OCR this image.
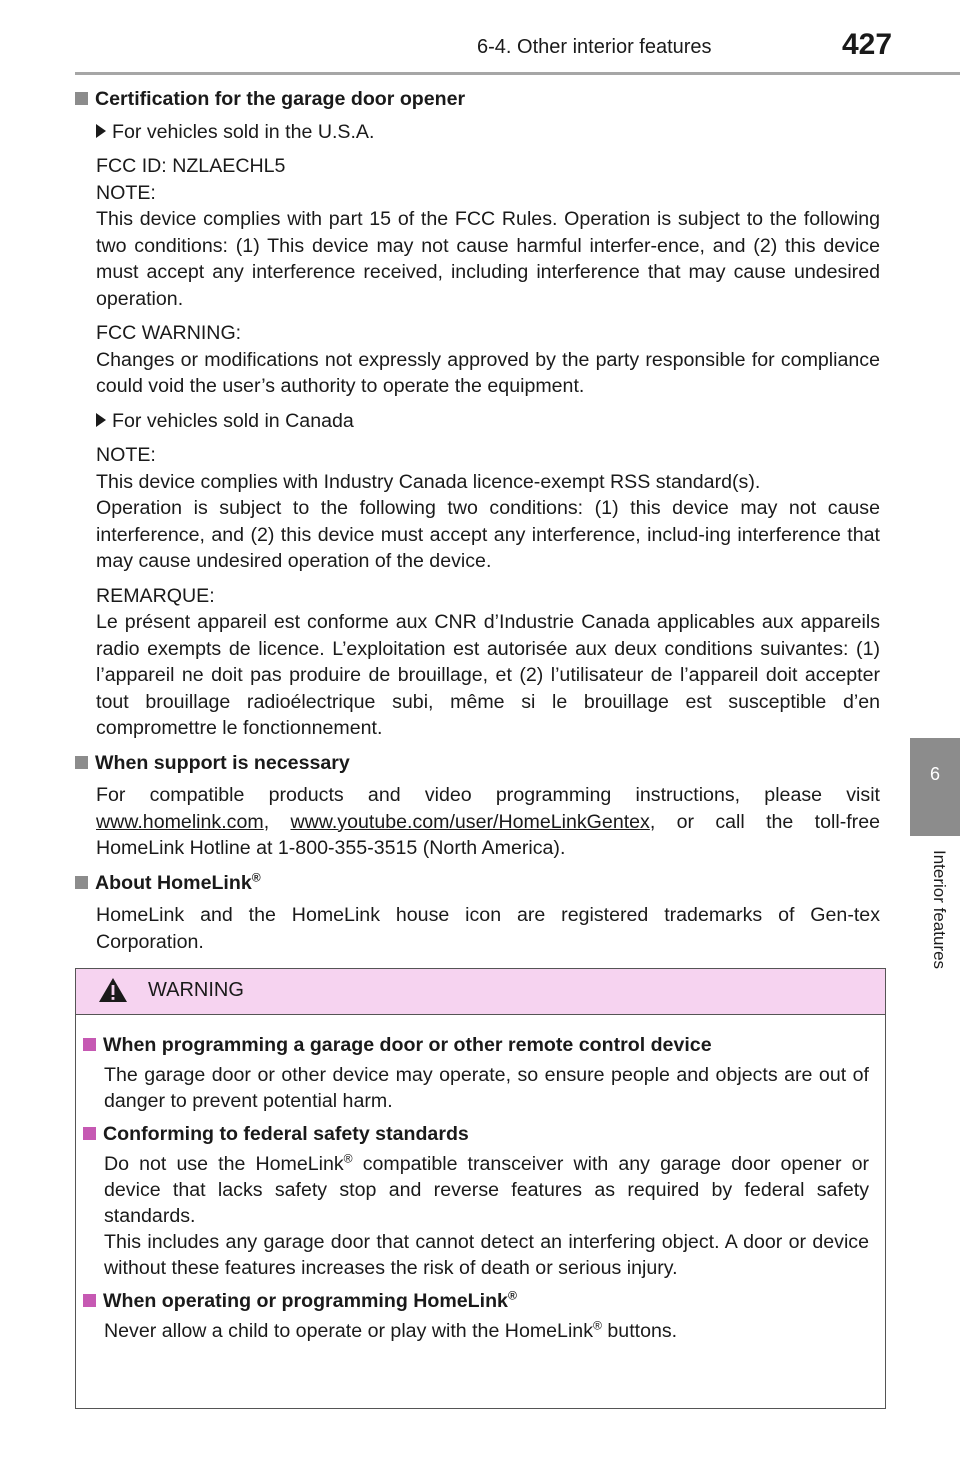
6-4. Other interior features	427
6
Interior features
Certification for the garage door opener
For vehicles sold in the U.S.A.
FCC ID: NZLAECHL5
NOTE:
This device complies with part 15 of the FCC Rules. Operation is subject to the following two conditions: (1) This device may not cause harmful interfer-ence, and (2) this device must accept any interference received, including interference that may cause undesired operation.
FCC WARNING:
Changes or modifications not expressly approved by the party responsible for compliance could void the user’s authority to operate the equipment.
For vehicles sold in Canada
NOTE:
This device complies with Industry Canada licence-exempt RSS standard(s).
Operation is subject to the following two conditions: (1) this device may not cause interference, and (2) this device must accept any interference, includ-ing interference that may cause undesired operation of the device.
REMARQUE:
Le présent appareil est conforme aux CNR d’Industrie Canada applicables aux appareils radio exempts de licence. L’exploitation est autorisée aux deux conditions suivantes: (1) l’appareil ne doit pas produire de brouillage, et (2) l’utilisateur de l’appareil doit accepter tout brouillage radioélectrique subi, même si le brouillage est susceptible d’en compromettre le fonctionnement.
When support is necessary
For compatible products and video programming instructions, please visit www.homelink.com, www.youtube.com/user/HomeLinkGentex, or call the toll-free HomeLink Hotline at 1-800-355-3515 (North America).
About HomeLink®
HomeLink and the HomeLink house icon are registered trademarks of Gen-tex Corporation.
WARNING
When programming a garage door or other remote control device
The garage door or other device may operate, so ensure people and objects are out of danger to prevent potential harm.
Conforming to federal safety standards
Do not use the HomeLink® compatible transceiver with any garage door opener or device that lacks safety stop and reverse features as required by federal safety standards.
This includes any garage door that cannot detect an interfering object. A door or device without these features increases the risk of death or serious injury.
When operating or programming HomeLink®
Never allow a child to operate or play with the HomeLink® buttons.
